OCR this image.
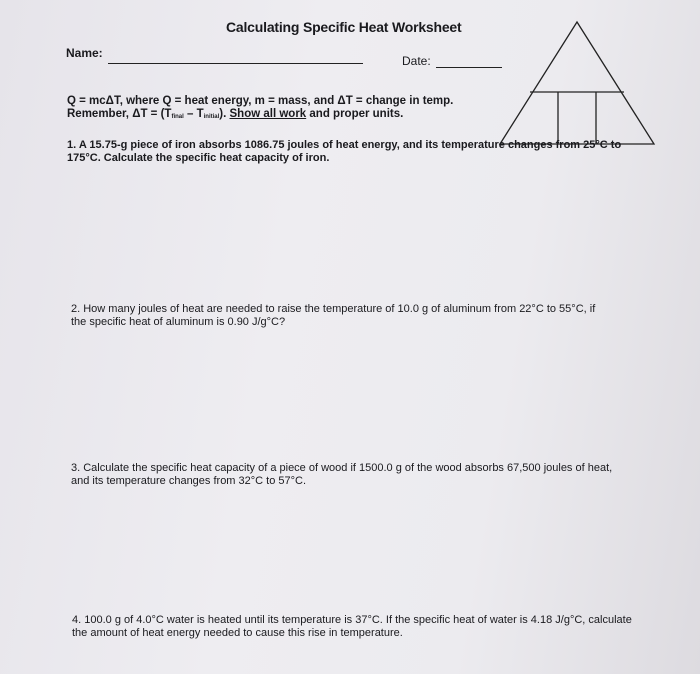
Calculating Specific Heat Worksheet
Name:
Date:
Q = mcΔT, where Q = heat energy, m = mass, and ΔT = change in temp.
Remember, $\Delta T = (T_{final} - T_{initial})$. Show all work and proper units.
1. A 15.75-g piece of iron absorbs 1086.75 joules of heat energy, and its temperature changes from 25°C to 175°C. Calculate the specific heat capacity of iron.
2. How many joules of heat are needed to raise the temperature of 10.0 g of aluminum from 22°C to 55°C, if the specific heat of aluminum is 0.90 J/g°C?
3. Calculate the specific heat capacity of a piece of wood if 1500.0 g of the wood absorbs 67,500 joules of heat, and its temperature changes from 32°C to 57°C.
4. 100.0 g of 4.0°C water is heated until its temperature is 37°C. If the specific heat of water is 4.18 J/g°C, calculate the amount of heat energy needed to cause this rise in temperature.
